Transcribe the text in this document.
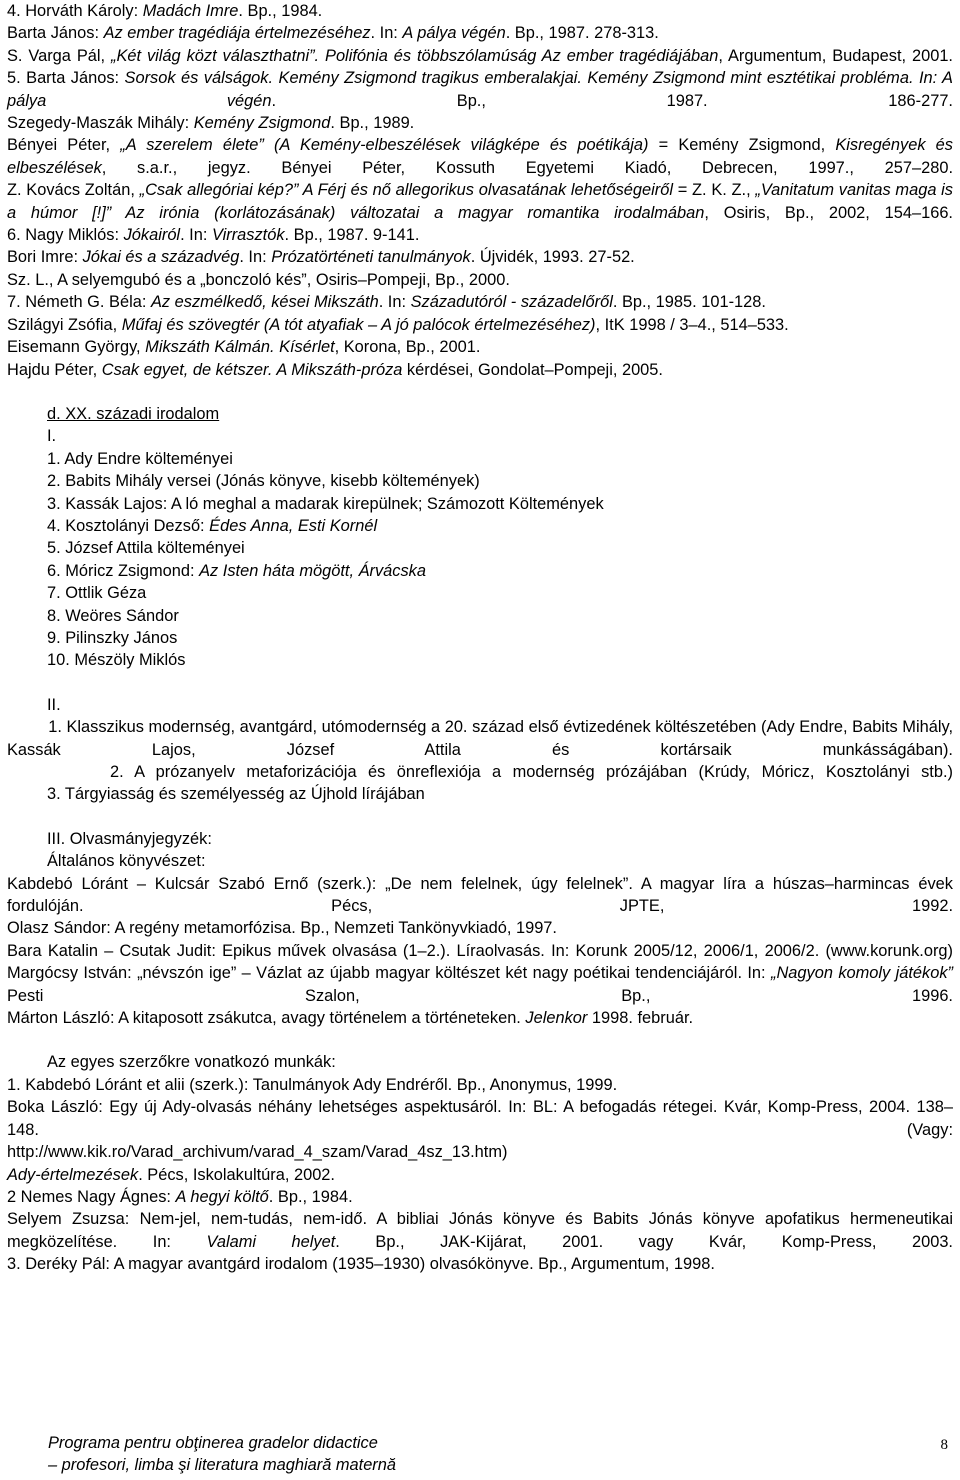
4. Horváth Károly: Madách Imre. Bp., 1984.
Barta János: Az ember tragédiája értelmezéséhez. In: A pálya végén. Bp., 1987. 278-313.
S. Varga Pál, „Két világ közt választhatni”. Polifónia és többszólamúság Az ember tragédiájában, Argumentum, Budapest, 2001.
5. Barta János: Sorsok és válságok. Kemény Zsigmond tragikus emberalakjai. Kemény Zsigmond mint esztétikai probléma. In: A pálya végén. Bp., 1987. 186-277.
Szegedy-Maszák Mihály: Kemény Zsigmond. Bp., 1989.
Bényei Péter, „A szerelem élete” (A Kemény-elbeszélések világképe és poétikája) = Kemény Zsigmond, Kisregények és elbeszélések, s.a.r., jegyz. Bényei Péter, Kossuth Egyetemi Kiadó, Debrecen, 1997., 257–280.
Z. Kovács Zoltán, „Csak allegóriai kép?” A Férj és nő allegorikus olvasatának lehetőségeiről = Z. K. Z., „Vanitatum vanitas maga is a húmor [!]” Az irónia (korlátozásának) változatai a magyar romantika irodalmában, Osiris, Bp., 2002, 154–166.
6. Nagy Miklós: Jókairól. In: Virrasztók. Bp., 1987. 9-141.
Bori Imre: Jókai és a századvég. In: Prózatörténeti tanulmányok. Újvidék, 1993. 27-52.
Sz. L., A selyemgubó és a „bonczoló kés”, Osiris–Pompeji, Bp., 2000.
7. Németh G. Béla: Az eszmélkedő, kései Mikszáth. In: Századutóról - századelőről. Bp., 1985. 101-128.
Szilágyi Zsófia, Műfaj és szövegtér (A tót atyafiak – A jó palócok értelmezéséhez), ItK 1998 / 3–4., 514–533.
Eisemann György, Mikszáth Kálmán. Kísérlet, Korona, Bp., 2001.
Hajdu Péter, Csak egyet, de kétszer. A Mikszáth-próza kérdései, Gondolat–Pompeji, 2005.
d. XX. századi irodalom
I.
1. Ady Endre költeményei
2. Babits Mihály versei (Jónás könyve, kisebb költemények)
3. Kassák Lajos: A ló meghal a madarak kirepülnek; Számozott Költemények
4. Kosztolányi Dezső: Édes Anna, Esti Kornél
5. József Attila költeményei
6. Móricz Zsigmond: Az Isten háta mögött, Árvácska
7. Ottlik Géza
8. Weöres Sándor
9. Pilinszky János
10. Mészöly Miklós
II.
1. Klasszikus modernség, avantgárd, utómodernség a 20. század első évtizedének költészetében (Ady Endre, Babits Mihály, Kassák Lajos, József Attila és kortársaik munkásságában).
2. A prózanyelv metaforizációja és önreflexiója a modernség prózájában (Krúdy, Móricz, Kosztolányi stb.)
3. Tárgyiasság és személyesség az Újhold lírájában
III. Olvasmányjegyzék:
Általános könyvészet:
Kabdebó Lóránt – Kulcsár Szabó Ernő (szerk.): „De nem felelnek, úgy felelnek”. A magyar líra a húszas–harmincas évek fordulóján. Pécs, JPTE, 1992.
Olasz Sándor: A regény metamorfózisa. Bp., Nemzeti Tankönyvkiadó, 1997.
Bara Katalin – Csutak Judit: Epikus művek olvasása (1–2.). Líraolvasás. In: Korunk 2005/12, 2006/1, 2006/2. (www.korunk.org)
Margócsy István: „névszón ige” – Vázlat az újabb magyar költészet két nagy poétikai tendenciájáról. In: „Nagyon komoly játékok” Pesti Szalon, Bp., 1996.
Márton László: A kitaposott zsákutca, avagy történelem a történeteken. Jelenkor 1998. február.
Az egyes szerzőkre vonatkozó munkák:
1. Kabdebó Lóránt et alii (szerk.): Tanulmányok Ady Endréről. Bp., Anonymus, 1999.
Boka László: Egy új Ady-olvasás néhány lehetséges aspektusáról. In: BL: A befogadás rétegei. Kvár, Komp-Press, 2004. 138–148. (Vagy:
http://www.kik.ro/Varad_archivum/varad_4_szam/Varad_4sz_13.htm)
Ady-értelmezések. Pécs, Iskolakultúra, 2002.
2 Nemes Nagy Ágnes: A hegyi költő. Bp., 1984.
Selyem Zsuzsa: Nem-jel, nem-tudás, nem-idő. A bibliai Jónás könyve és Babits Jónás könyve apofatikus hermeneutikai megközelítése. In: Valami helyet. Bp., JAK-Kijárat, 2001. vagy Kvár, Komp-Press, 2003.
3. Deréky Pál: A magyar avantgárd irodalom (1935–1930) olvasókönyve. Bp., Argumentum, 1998.
Programa pentru obţinerea gradelor didactice
– profesori, limba şi literatura maghiară maternă
8
